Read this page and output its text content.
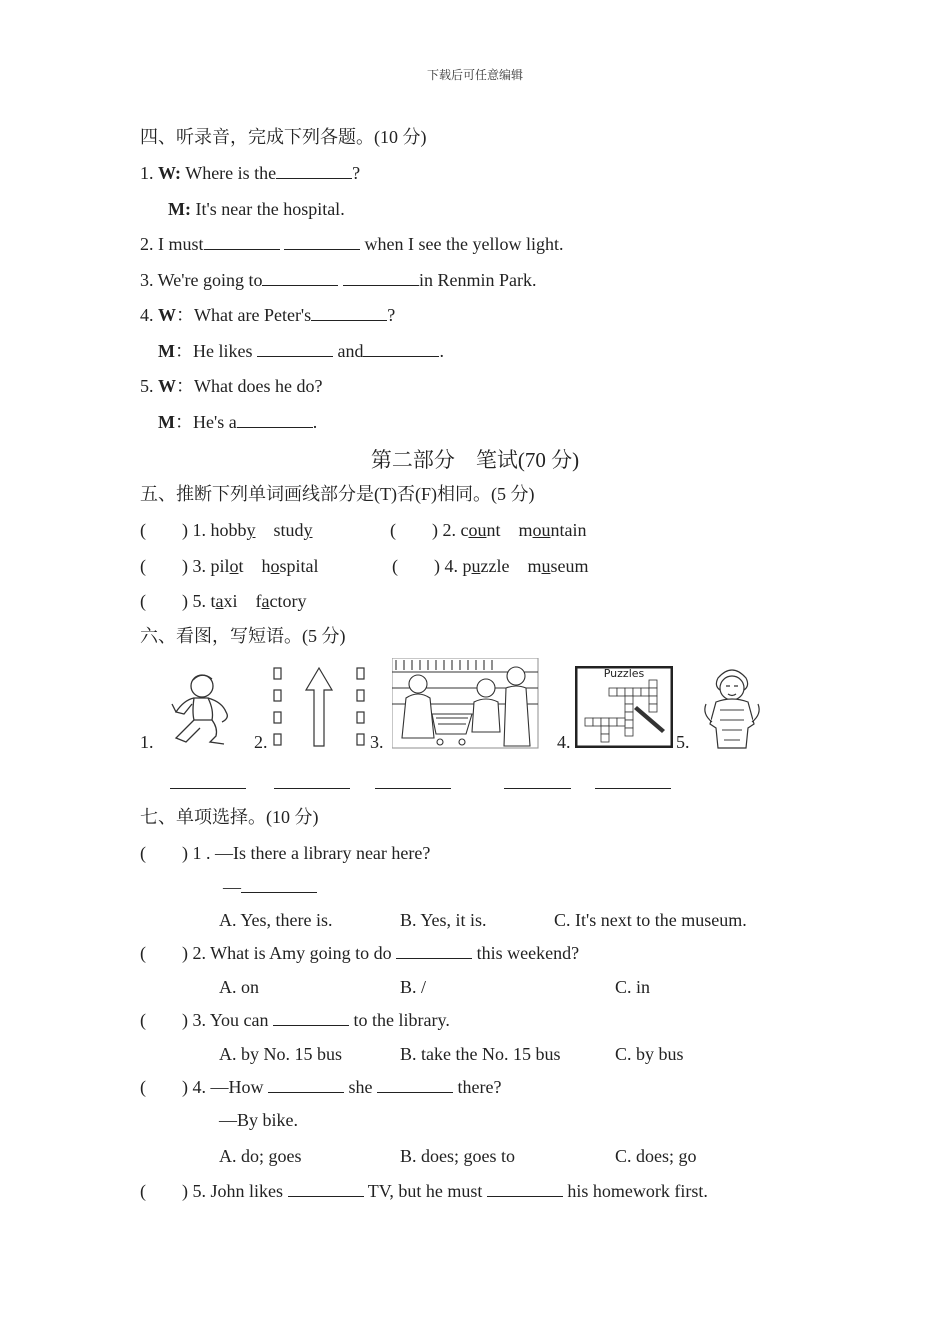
下载后可任意编辑
四、听录音，完成下列各题。(10 分)
1. W: Where is the	?
M: It's near the hospital.
2. I must	when I see the yellow light.
3. We're going to	in Renmin Park.
4. W：What are Peter's	?
M：He likes	and	.
5. W：What does he do?
M：He's a	.
第二部分　笔试(70 分)
五、推断下列单词画线部分是(T)否(F)相同。(5 分)
(　　) 1. hobby study	(　　) 2. count mountain
(　　) 3. pilot hospital	(　　) 4. puzzle museum
(　　) 5. taxi factory
六、看图，写短语。(5 分)
1.	2.	3.	4.
Puzzles
5.
七、单项选择。(10 分)
(　　) 1 . —Is there a library near here?
—
A. Yes, there is.	B. Yes, it is.	C. It's next to the museum.
(　　) 2. What is Amy going to do	this weekend?
A. on	B. /	C. in
(　　) 3. You can	to the library.
A. by No. 15 bus	B. take the No. 15 bus	C. by bus
(　　) 4. —How	she	there?
—By bike.
A. do; goes	B. does; goes to	C. does; go
(　　) 5. John likes	TV, but he must	his homework first.
